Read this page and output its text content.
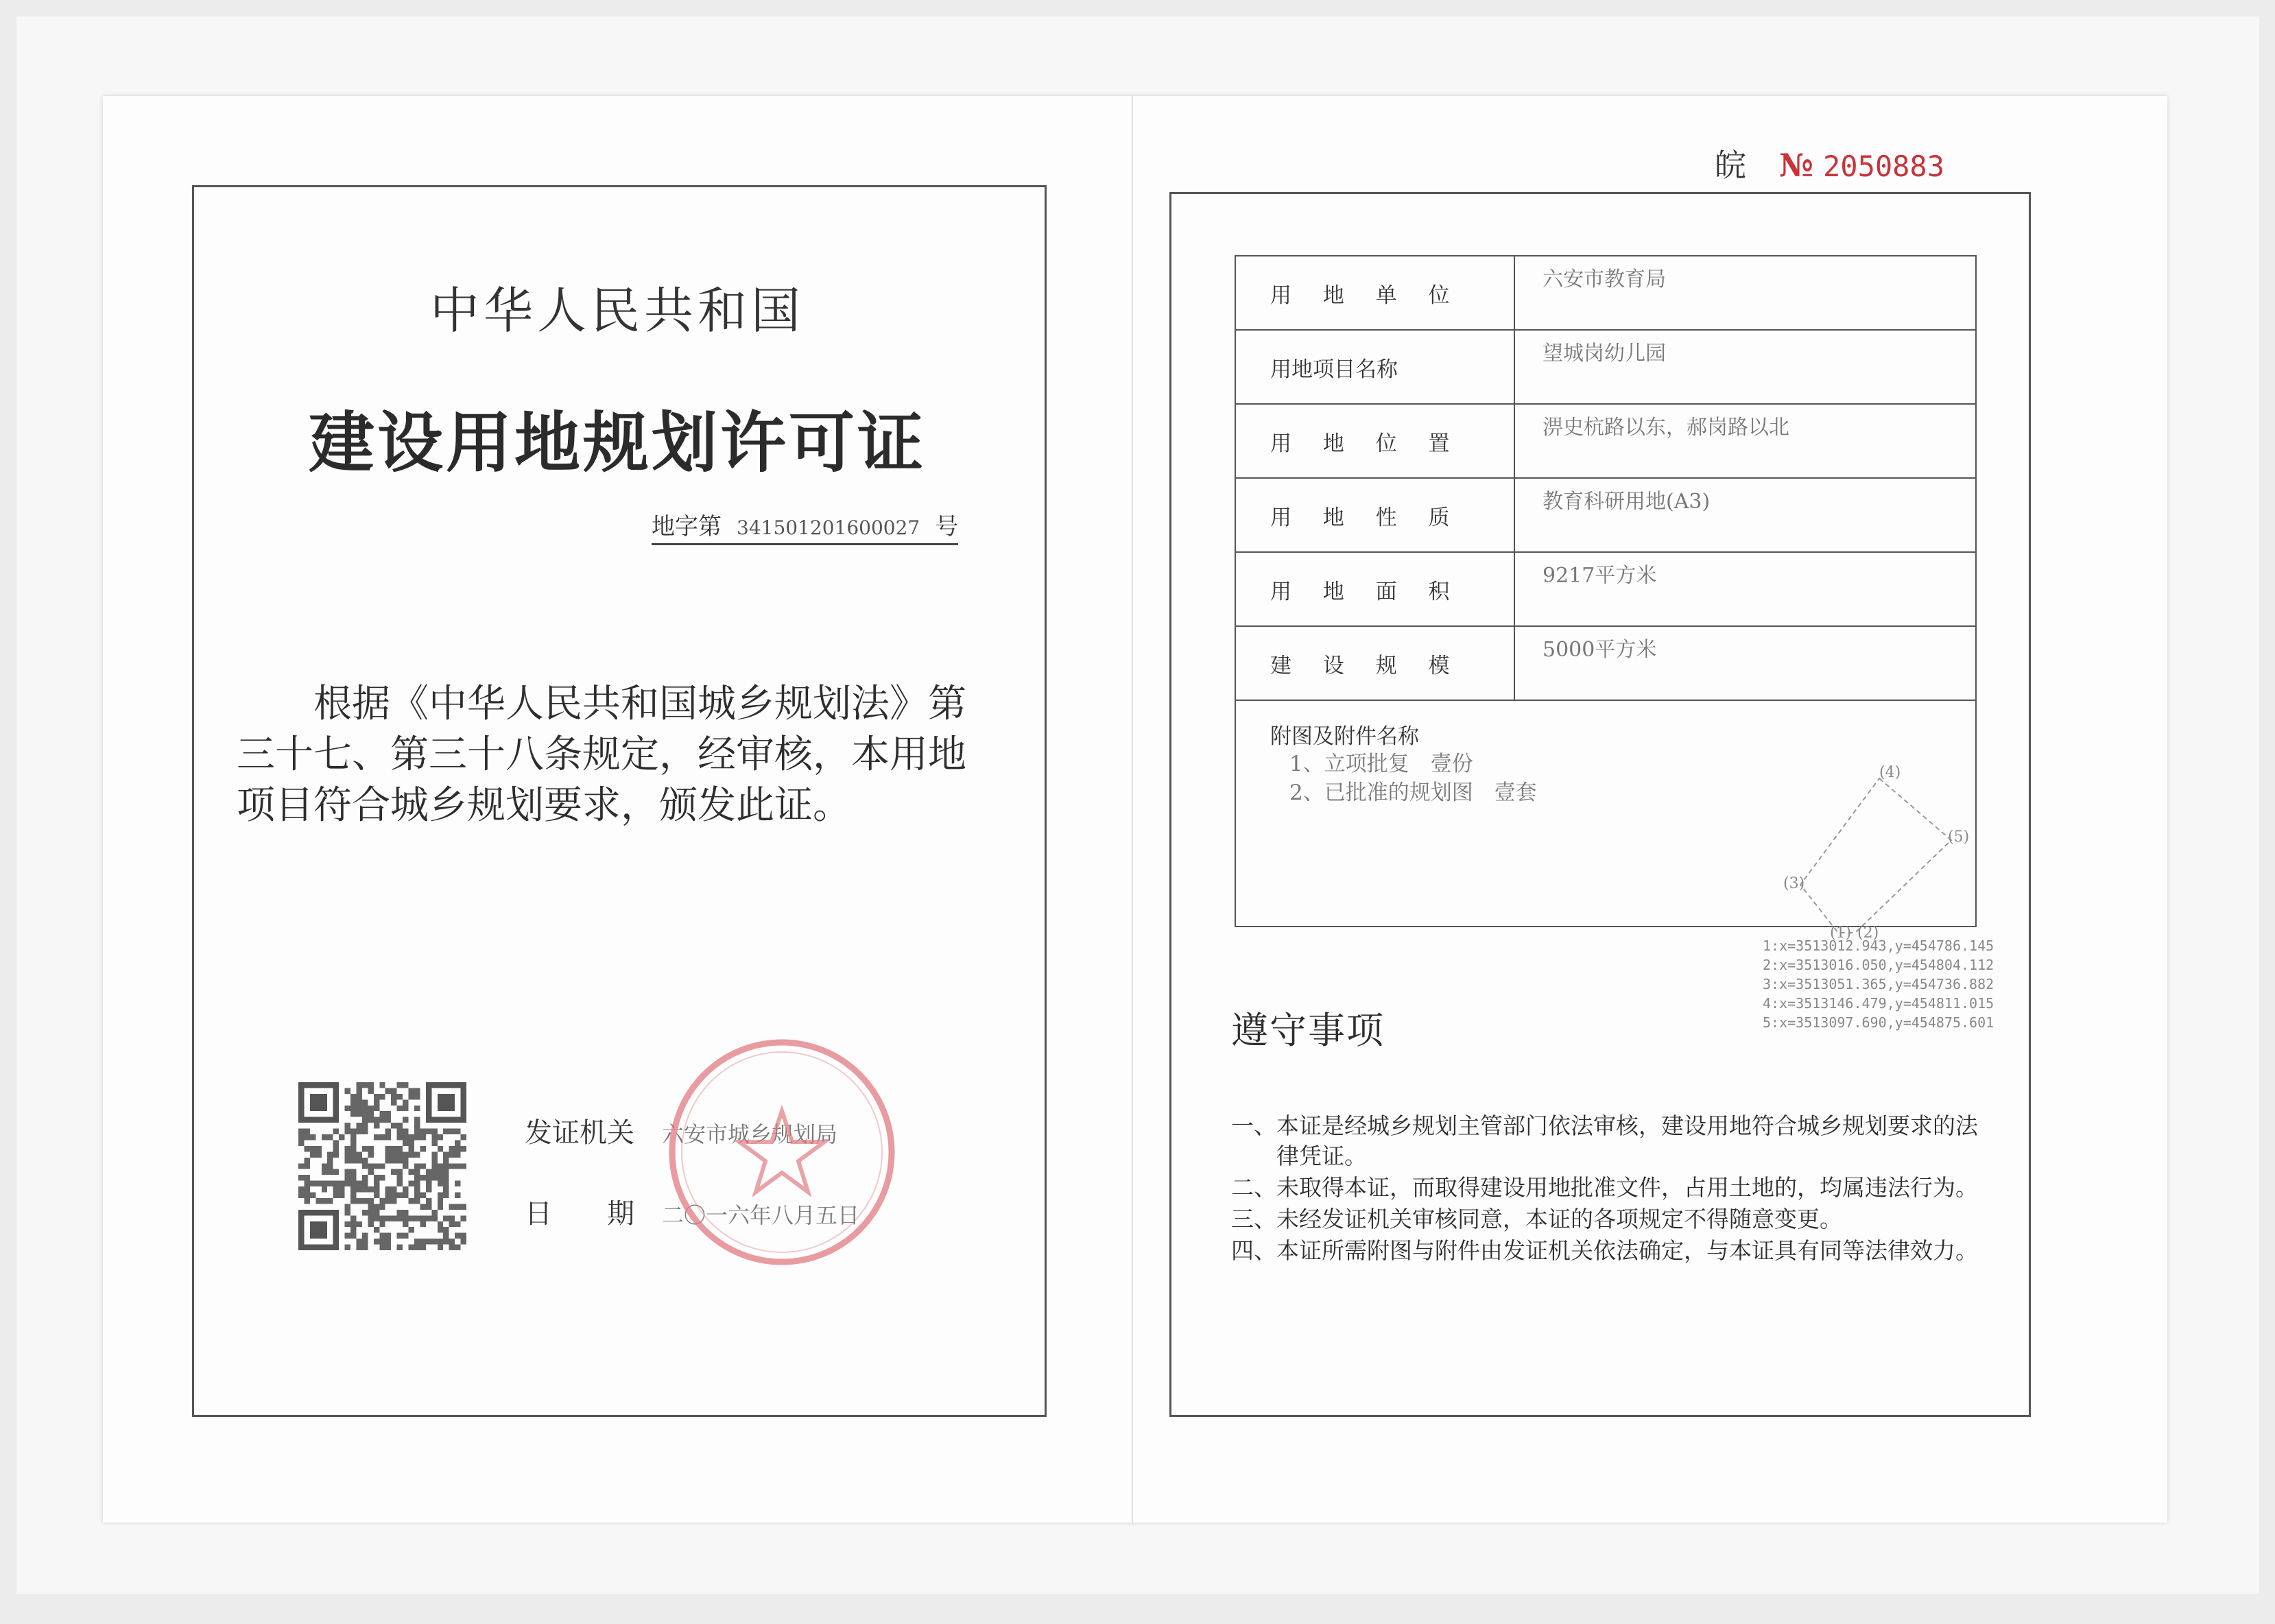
中华人民共和国
建设用地规划许可证
地字第 341501201600027 号
根据《中华人民共和国城乡规划法》第
三十七、第三十八条规定，经审核，本用地
项目符合城乡规划要求，颁发此证。
发证机关 六安市城乡规划局
日　　期 二〇一六年八月五日
皖 № 2050883
用 地 单 位	六安市教育局
用地项目名称	望城岗幼儿园
用 地 位 置	淠史杭路以东，郝岗路以北
用 地 性 质	教育科研用地(A3)
用 地 面 积	9217平方米
建 设 规 模	5000平方米

附图及附件名称
1、立项批复　壹份
2、已批准的规划图　壹套	
(4)
(5)
(3)
(1) (2)
1:x=3513012.943,y=454786.145
2:x=3513016.050,y=454804.112
3:x=3513051.365,y=454736.882
4:x=3513146.479,y=454811.015
5:x=3513097.690,y=454875.601
遵守事项
一、 本证是经城乡规划主管部门依法审核，建设用地符合城乡规划要求的法律凭证。
二、 未取得本证，而取得建设用地批准文件，占用土地的，均属违法行为。
三、 未经发证机关审核同意，本证的各项规定不得随意变更。
四、 本证所需附图与附件由发证机关依法确定，与本证具有同等法律效力。
